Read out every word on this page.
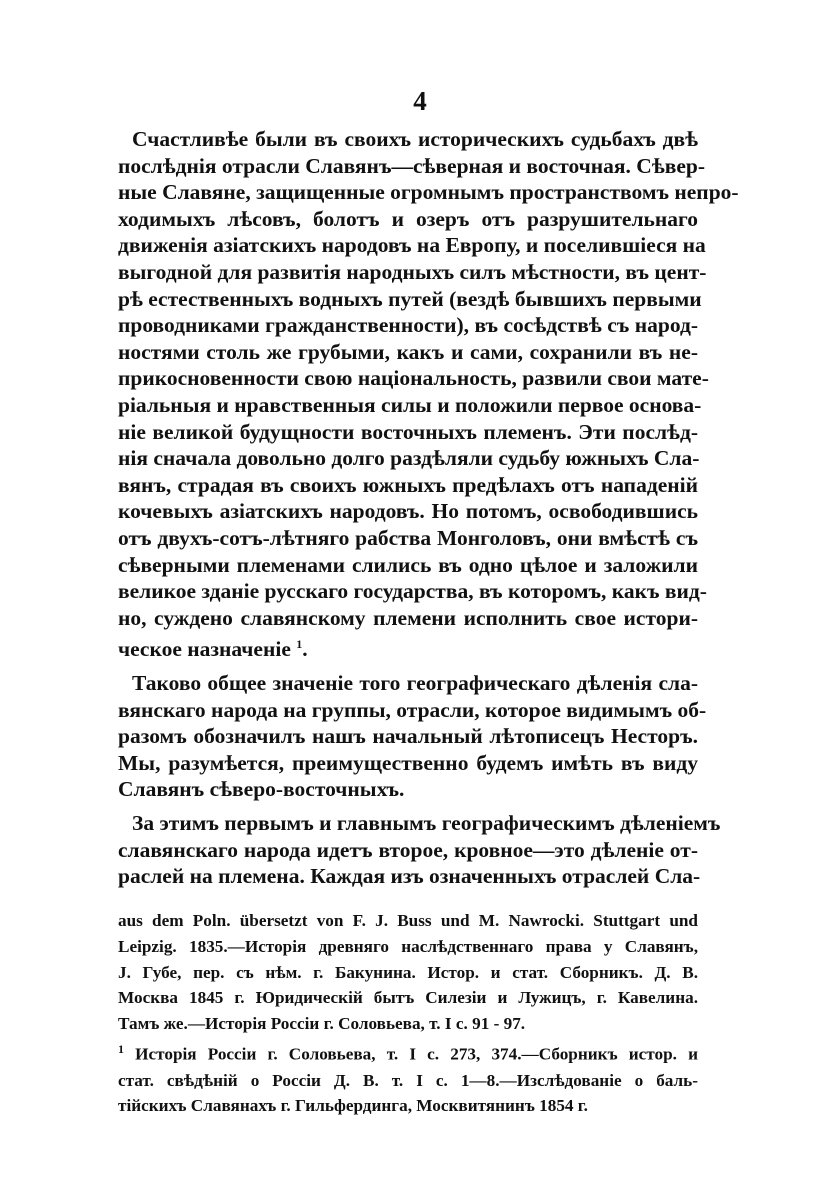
4
Счастливѣе были въ своихъ историческихъ судьбахъ двѣ
послѣднія отрасли Славянъ—сѣверная и восточная. Сѣвер-
ные Славяне, защищенные огромнымъ пространствомъ непро-
ходимыхъ лѣсовъ, болотъ и озеръ отъ разрушительнаго
движенія азіатскихъ народовъ на Европу, и поселившіеся на
выгодной для развитія народныхъ силъ мѣстности, въ цент-
рѣ естественныхъ водныхъ путей (вездѣ бывшихъ первыми
проводниками гражданственности), въ сосѣдствѣ съ народ-
ностями столь же грубыми, какъ и сами, сохранили въ не-
прикосновенности свою національность, развили свои мате-
ріальныя и нравственныя силы и положили первое основа-
ніе великой будущности восточныхъ племенъ. Эти послѣд-
нія сначала довольно долго раздѣляли судьбу южныхъ Сла-
вянъ, страдая въ своихъ южныхъ предѣлахъ отъ нападеній
кочевыхъ азіатскихъ народовъ. Но потомъ, освободившись
отъ двухъ-сотъ-лѣтняго рабства Монголовъ, они вмѣстѣ съ
сѣверными племенами слились въ одно цѣлое и заложили
великое зданіе русскаго государства, въ которомъ, какъ вид-
но, суждено славянскому племени исполнить свое истори-
ческое назначеніе $^1$.
Таково общее значеніе того географическаго дѣленія сла-
вянскаго народа на группы, отрасли, которое видимымъ об-
разомъ обозначилъ нашъ начальный лѣтописецъ Несторъ.
Мы, разумѣется, преимущественно будемъ имѣть въ виду
Славянъ сѣверо-восточныхъ.
За этимъ первымъ и главнымъ географическимъ дѣленіемъ
славянскаго народа идетъ второе, кровное—это дѣленіе от-
раслей на племена. Каждая изъ означенныхъ отраслей Сла-
aus dem Poln. übersetzt von F. J. Buss und M. Nawrocki. Stuttgart und
Leipzig. 1835.—Исторія древняго наслѣдственнаго права у Славянъ,
J. Губе, пер. съ нѣм. г. Бакунина. Истор. и стат. Сборникъ. Д. В.
Москва 1845 г. Юридическій бытъ Силезіи и Лужицъ, г. Кавелина.
Тамъ же.—Исторія Россіи г. Соловьева, т. I с. 91 - 97.
$^1$ Исторія Россіи г. Соловьева, т. I с. 273, 374.—Сборникъ истор. и
стат. свѣдѣній о Россіи Д. В. т. I с. 1—8.—Изслѣдованіе о баль-
тійскихъ Славянахъ г. Гильфердинга, Москвитянинъ 1854 г.
